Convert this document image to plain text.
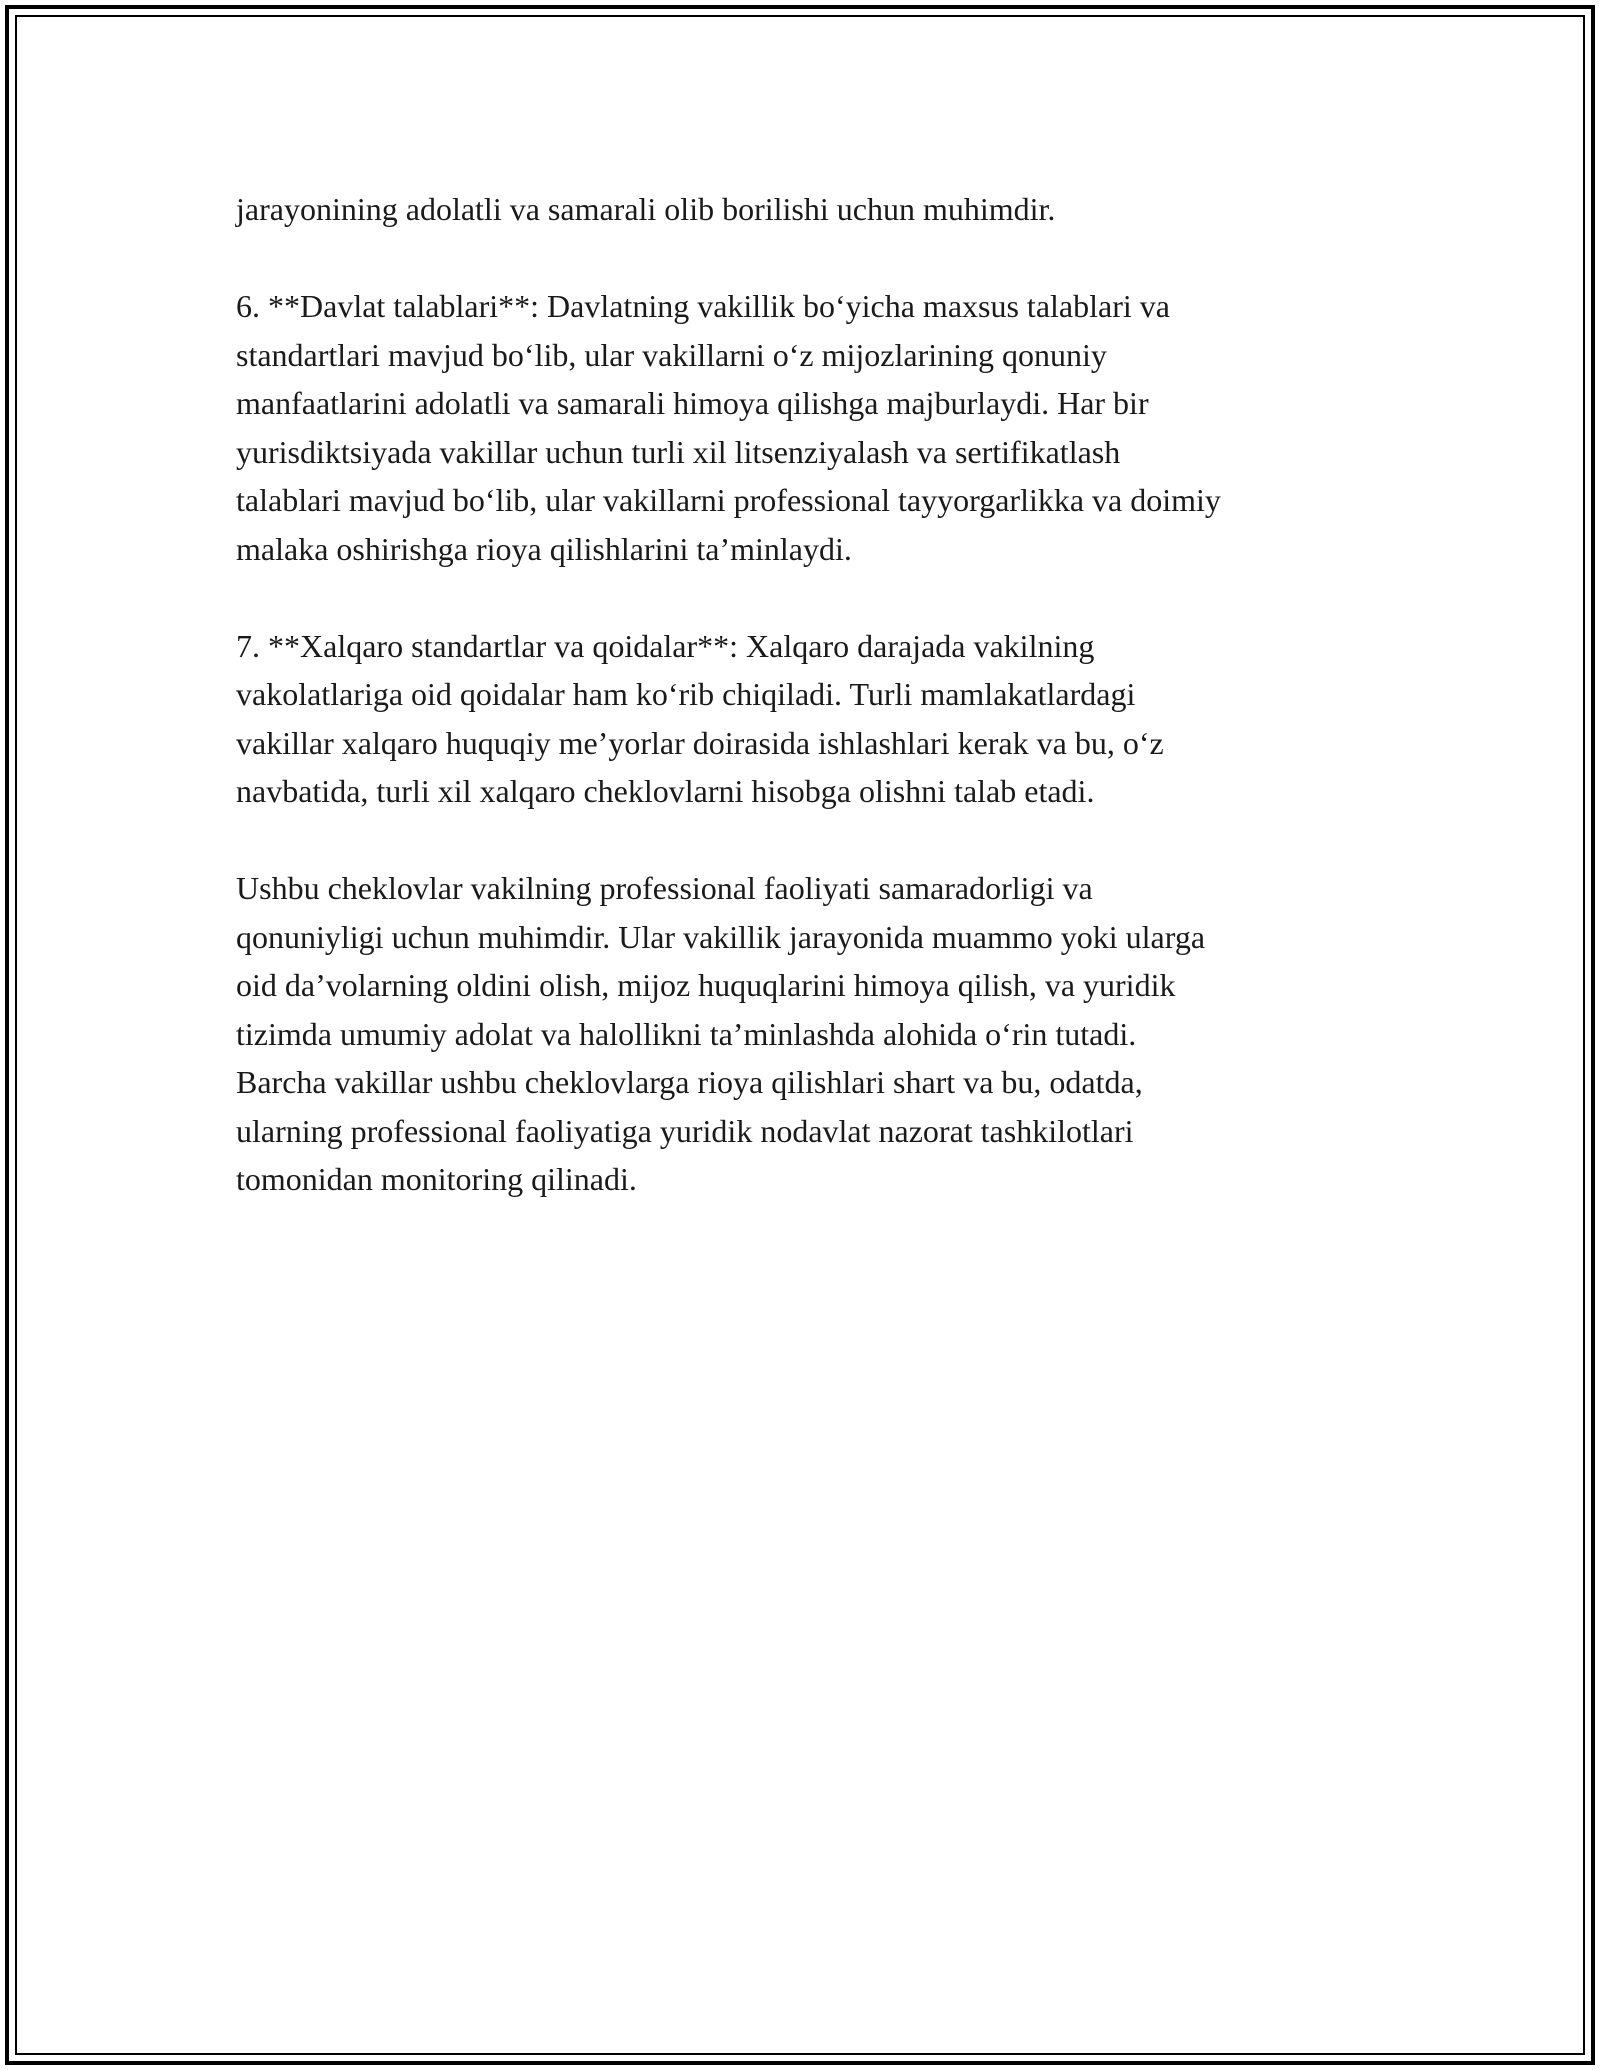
jarayonining adolatli va samarali olib borilishi uchun muhimdir.

6. **Davlat talablari**: Davlatning vakillik bo‘yicha maxsus talablari va
standartlari mavjud bo‘lib, ular vakillarni o‘z mijozlarining qonuniy
manfaatlarini adolatli va samarali himoya qilishga majburlaydi. Har bir
yurisdiktsiyada vakillar uchun turli xil litsenziyalash va sertifikatlash
talablari mavjud bo‘lib, ular vakillarni professional tayyorgarlikka va doimiy
malaka oshirishga rioya qilishlarini ta’minlaydi.

7. **Xalqaro standartlar va qoidalar**: Xalqaro darajada vakilning
vakolatlariga oid qoidalar ham ko‘rib chiqiladi. Turli mamlakatlardagi
vakillar xalqaro huquqiy me’yorlar doirasida ishlashlari kerak va bu, o‘z
navbatida, turli xil xalqaro cheklovlarni hisobga olishni talab etadi.

Ushbu cheklovlar vakilning professional faoliyati samaradorligi va
qonuniyligi uchun muhimdir. Ular vakillik jarayonida muammo yoki ularga
oid da’volarning oldini olish, mijoz huquqlarini himoya qilish, va yuridik
tizimda umumiy adolat va halollikni ta’minlashda alohida o‘rin tutadi.
Barcha vakillar ushbu cheklovlarga rioya qilishlari shart va bu, odatda,
ularning professional faoliyatiga yuridik nodavlat nazorat tashkilotlari
tomonidan monitoring qilinadi.
